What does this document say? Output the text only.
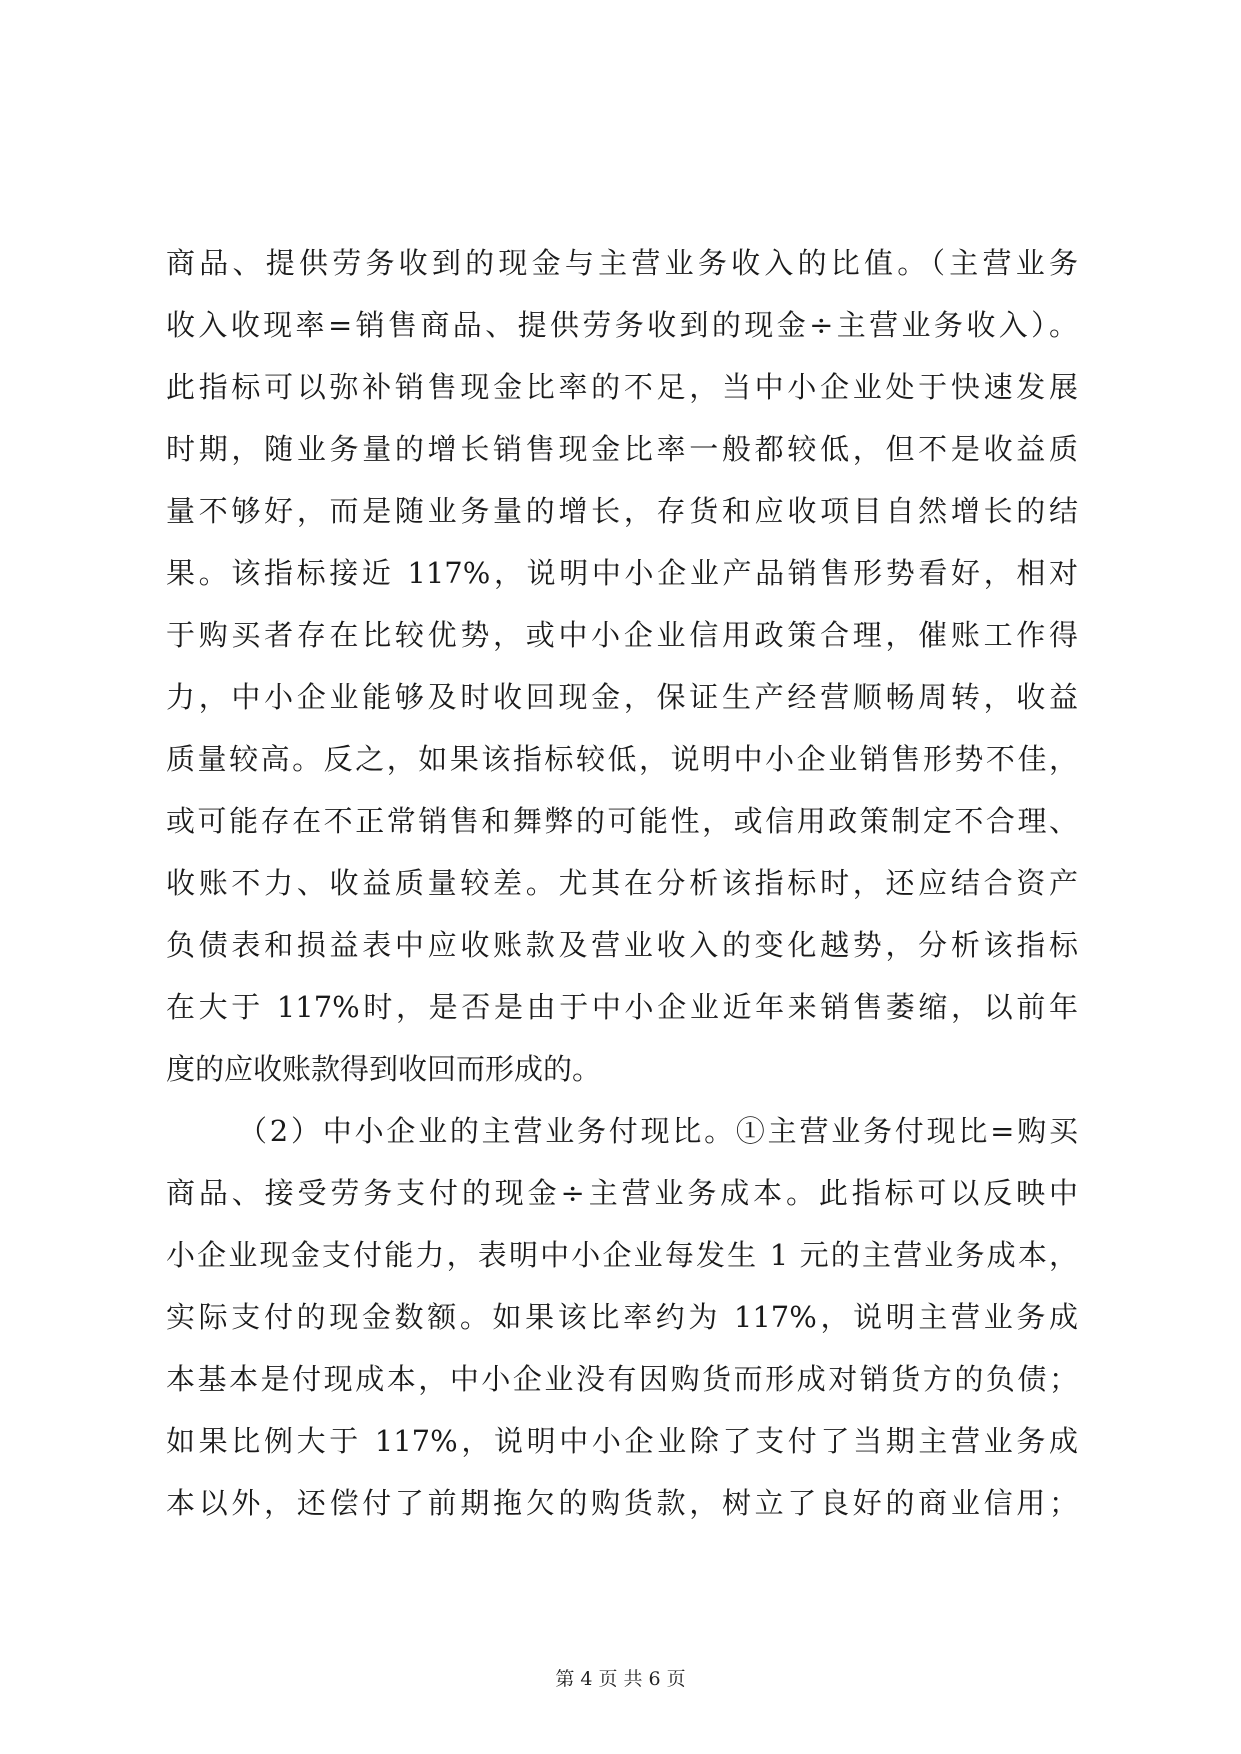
商品、提供劳务收到的现金与主营业务收入的比值。（主营业务
收入收现率=销售商品、提供劳务收到的现金÷主营业务收入）。
此指标可以弥补销售现金比率的不足，当中小企业处于快速发展
时期，随业务量的增长销售现金比率一般都较低，但不是收益质
量不够好，而是随业务量的增长，存货和应收项目自然增长的结
果。该指标接近 117%，说明中小企业产品销售形势看好，相对
于购买者存在比较优势，或中小企业信用政策合理，催账工作得
力，中小企业能够及时收回现金，保证生产经营顺畅周转，收益
质量较高。反之，如果该指标较低，说明中小企业销售形势不佳，
或可能存在不正常销售和舞弊的可能性，或信用政策制定不合理、
收账不力、收益质量较差。尤其在分析该指标时，还应结合资产
负债表和损益表中应收账款及营业收入的变化越势，分析该指标
在大于 117%时，是否是由于中小企业近年来销售萎缩，以前年
度的应收账款得到收回而形成的。
（2）中小企业的主营业务付现比。①主营业务付现比=购买
商品、接受劳务支付的现金÷主营业务成本。此指标可以反映中
小企业现金支付能力，表明中小企业每发生 1 元的主营业务成本，
实际支付的现金数额。如果该比率约为 117%，说明主营业务成
本基本是付现成本，中小企业没有因购货而形成对销货方的负债；
如果比例大于 117%，说明中小企业除了支付了当期主营业务成
本以外，还偿付了前期拖欠的购货款，树立了良好的商业信用；
第 4 页 共 6 页
